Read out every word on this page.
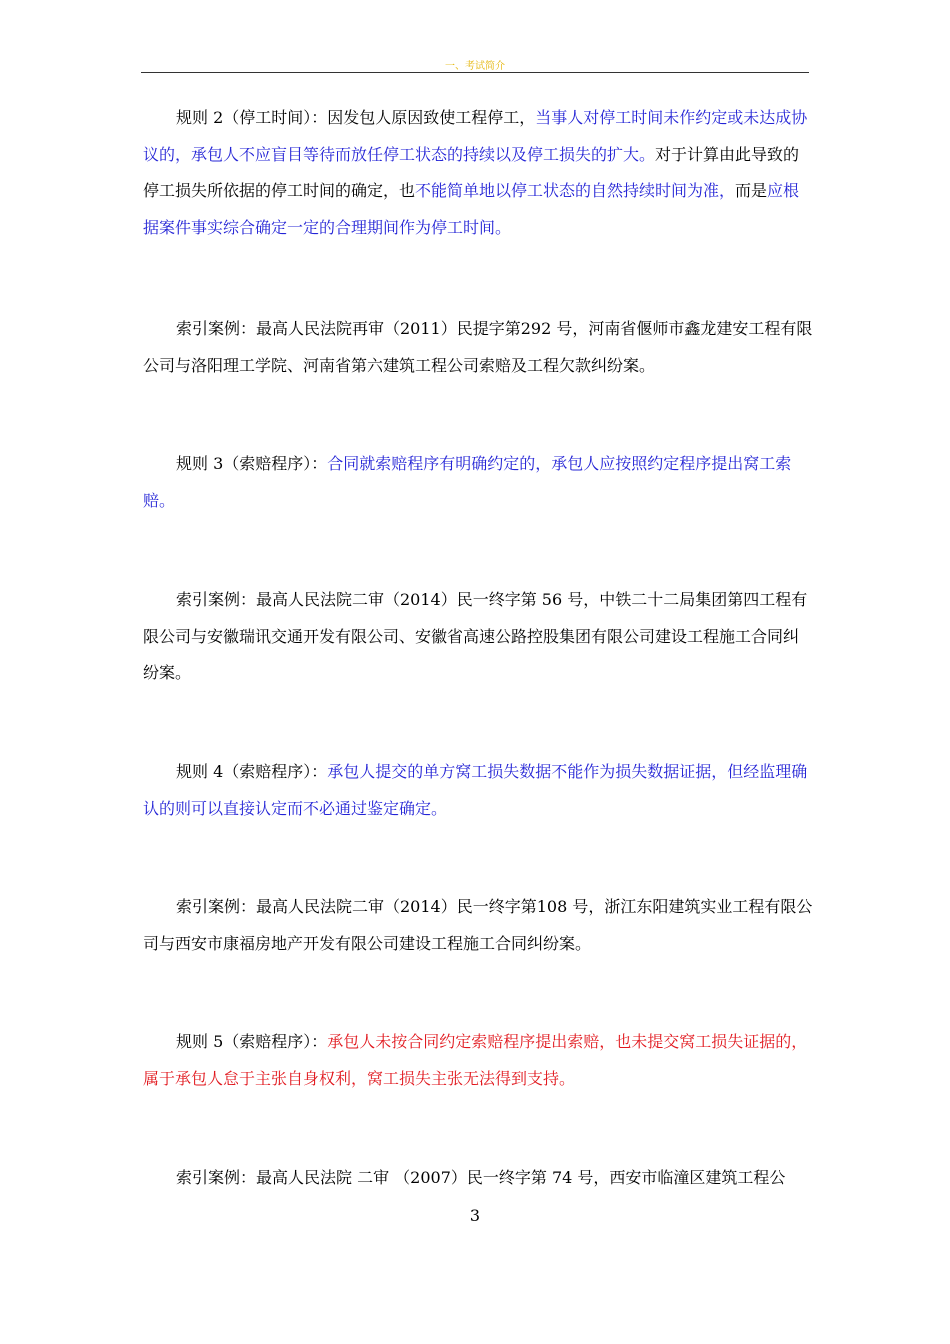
一、考试简介

规则 2（停工时间）：因发包人原因致使工程停工，当事人对停工时间未作约定或未达成协议的，承包人不应盲目等待而放任停工状态的持续以及停工损失的扩大。对于计算由此导致的停工损失所依据的停工时间的确定，也不能简单地以停工状态的自然持续时间为准，而是应根据案件事实综合确定一定的合理期间作为停工时间。

索引案例：最高人民法院再审（2011）民提字第292 号，河南省偃师市鑫龙建安工程有限公司与洛阳理工学院、河南省第六建筑工程公司索赔及工程欠款纠纷案。

规则 3（索赔程序）：合同就索赔程序有明确约定的，承包人应按照约定程序提出窝工索赔。

索引案例：最高人民法院二审（2014）民一终字第 56 号，中铁二十二局集团第四工程有限公司与安徽瑞讯交通开发有限公司、安徽省高速公路控股集团有限公司建设工程施工合同纠纷案。

规则 4（索赔程序）：承包人提交的单方窝工损失数据不能作为损失数据证据，但经监理确认的则可以直接认定而不必通过鉴定确定。

索引案例：最高人民法院二审（2014）民一终字第108 号，浙江东阳建筑实业工程有限公司与西安市康福房地产开发有限公司建设工程施工合同纠纷案。

规则 5（索赔程序）：承包人未按合同约定索赔程序提出索赔，也未提交窝工损失证据的，属于承包人怠于主张自身权利，窝工损失主张无法得到支持。

索引案例：最高人民法院 二审 （2007）民一终字第 74 号，西安市临潼区建筑工程公

3
